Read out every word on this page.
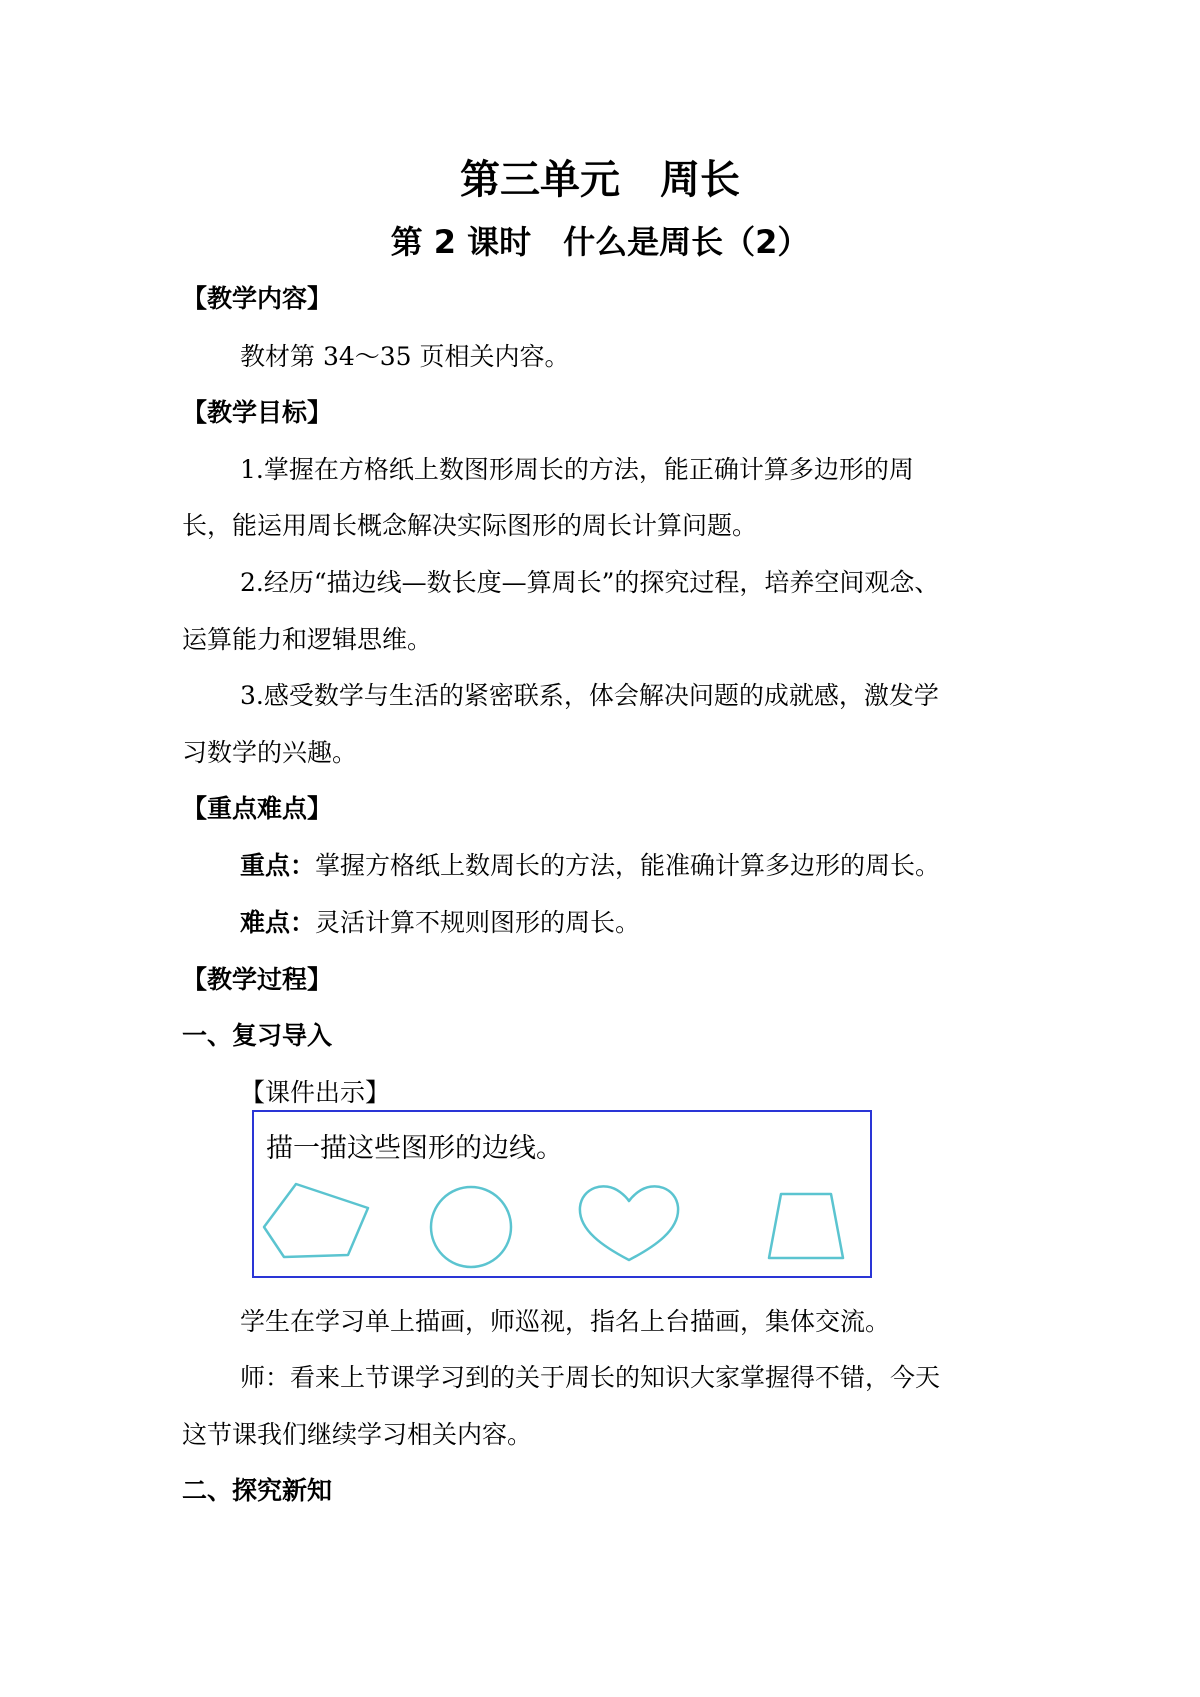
第三单元　周长
第 2 课时　什么是周长（2）
【教学内容】
教材第 34～35 页相关内容。
【教学目标】
1.掌握在方格纸上数图形周长的方法，能正确计算多边形的周
长，能运用周长概念解决实际图形的周长计算问题。
2.经历“描边线—数长度—算周长”的探究过程，培养空间观念、
运算能力和逻辑思维。
3.感受数学与生活的紧密联系，体会解决问题的成就感，激发学
习数学的兴趣。
【重点难点】
重点：掌握方格纸上数周长的方法，能准确计算多边形的周长。
难点：灵活计算不规则图形的周长。
【教学过程】
一、复习导入
【课件出示】
描一描这些图形的边线。
学生在学习单上描画，师巡视，指名上台描画，集体交流。
师：看来上节课学习到的关于周长的知识大家掌握得不错，今天
这节课我们继续学习相关内容。
二、探究新知
